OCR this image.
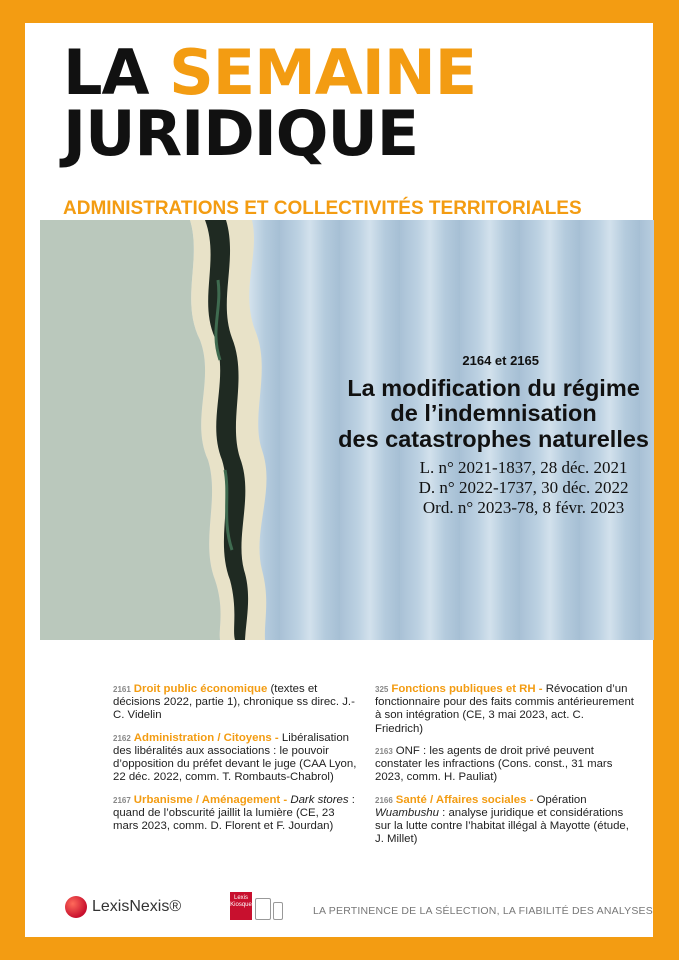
LA SEMAINE
JURIDIQUE
ADMINISTRATIONS ET COLLECTIVITÉS TERRITORIALES
2164 et 2165
La modification du régime
de l’indemnisation
des catastrophes naturelles
L. n° 2021-1837, 28 déc. 2021
D. n° 2022-1737, 30 déc. 2022
Ord. n° 2023-78, 8 févr. 2023
2161 Droit public économique (textes et décisions 2022, partie 1), chronique ss direc. J.-C. Videlin
2162 Administration / Citoyens - Libéralisation des libéralités aux associations : le pouvoir d’opposition du préfet devant le juge (CAA Lyon, 22 déc. 2022, comm. T. Rombauts-Chabrol)
2167 Urbanisme / Aménagement - Dark stores : quand de l’obscurité jaillit la lumière (CE, 23 mars 2023, comm. D. Florent et F. Jourdan)
325 Fonctions publiques et RH - Révocation d’un fonctionnaire pour des faits commis antérieurement à son intégration (CE, 3 mai 2023, act. C. Friedrich)
2163 ONF : les agents de droit privé peuvent constater les infractions (Cons. const., 31 mars 2023, comm. H. Pauliat)
2166 Santé / Affaires sociales - Opération Wuambushu : analyse juridique et considérations sur la lutte contre l’habitat illégal à Mayotte (étude, J. Millet)
LexisNexis®	Lexis
Kiosque
LA PERTINENCE DE LA SÉLECTION, LA FIABILITÉ DES ANALYSES
